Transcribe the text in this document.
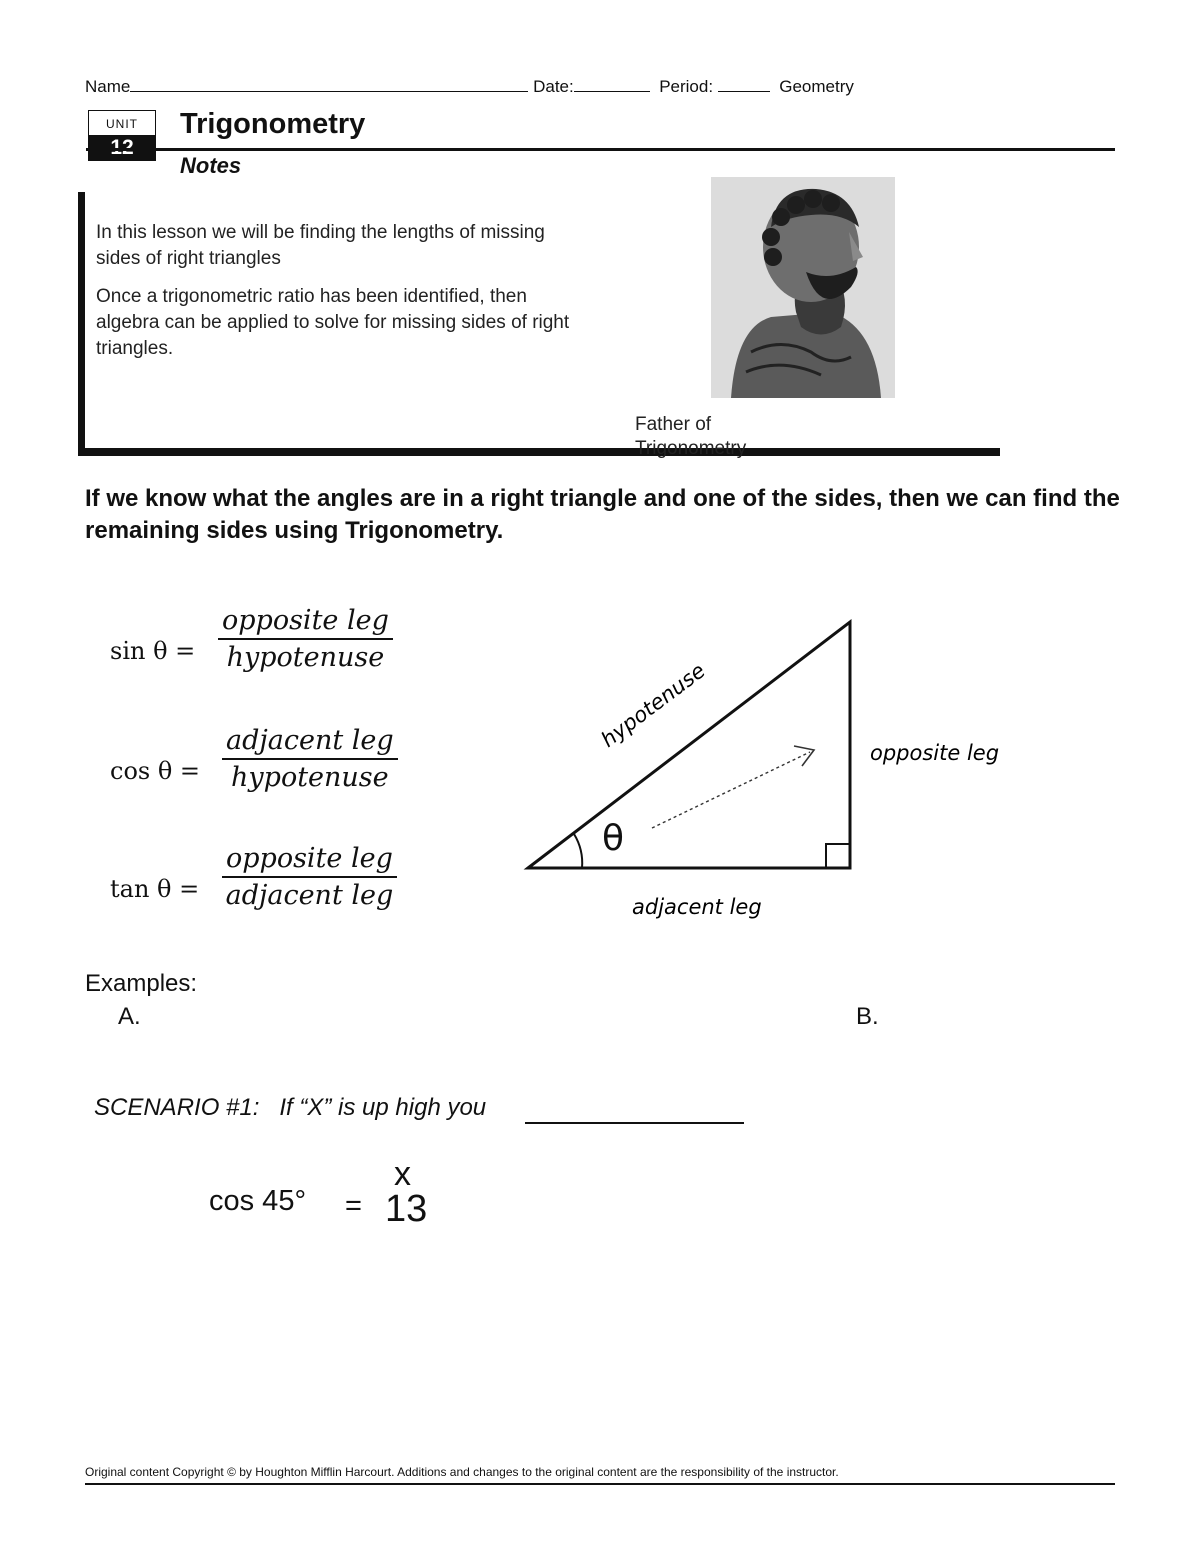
Name	Date:	Period:	Geometry
UNIT	Trigonometry
Notes

In this lesson we will be finding the lengths of missing sides of right triangles

Once a trigonometric ratio has been identified, then algebra can be applied to solve for missing sides of right triangles.

Father of Trigonometry
If we know what the angles are in a right triangle and one of the sides, then we can find the remaining sides using Trigonometry.
sin θ =
opposite leg
hypotenuse
cos θ =
adjacent leg
hypotenuse
tan θ =
opposite leg
adjacent leg
θ
hypotenuse
opposite leg
adjacent leg
Examples:
A.	B.
SCENARIO #1:   If “X” is up high you
cos 45° =
x
13
Original content Copyright © by Houghton Mifflin Harcourt. Additions and changes to the original content are the responsibility of the instructor.
